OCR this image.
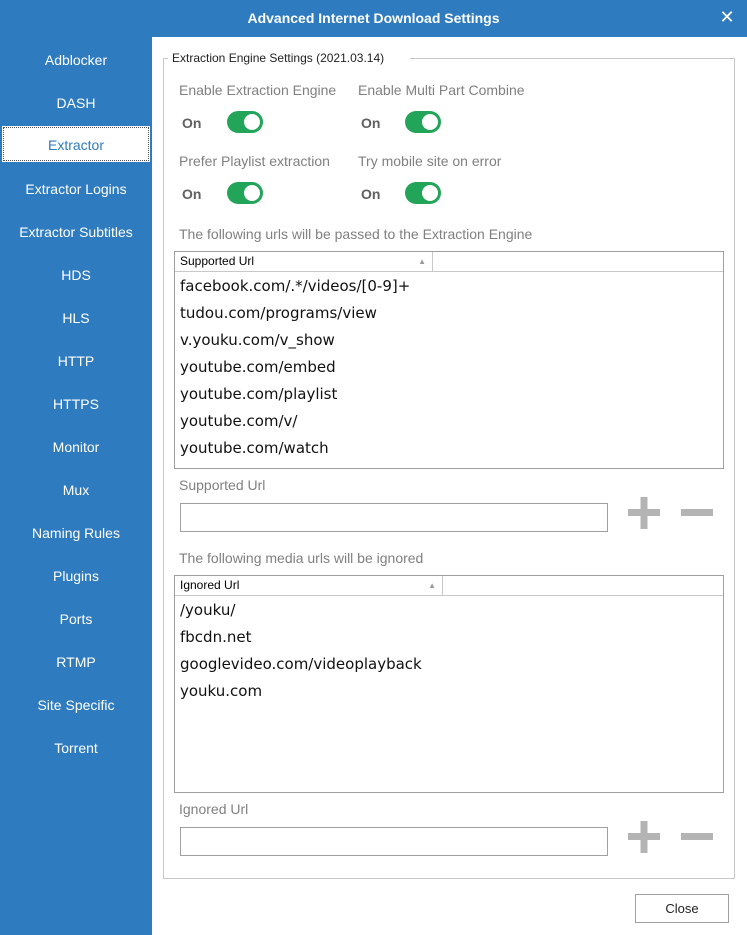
Advanced Internet Download Settings	✕
Adblocker
DASH
Extractor
Extractor Logins
Extractor Subtitles
HDS
HLS
HTTP
HTTPS
Monitor
Mux
Naming Rules
Plugins
Ports
RTMP
Site Specific
Torrent
Extraction Engine Settings (2021.03.14)
Enable Extraction Engine
On
Enable Multi Part Combine
On
Prefer Playlist extraction
On
Try mobile site on error
On
The following urls will be passed to the Extraction Engine
Supported Url	▲
facebook.com/.*/videos/[0-9]+
tudou.com/programs/view
v.youku.com/v_show
youtube.com/embed
youtube.com/playlist
youtube.com/v/
youtube.com/watch
Supported Url
The following media urls will be ignored
Ignored Url	▲
/youku/
fbcdn.net
googlevideo.com/videoplayback
youku.com
Ignored Url
Close
